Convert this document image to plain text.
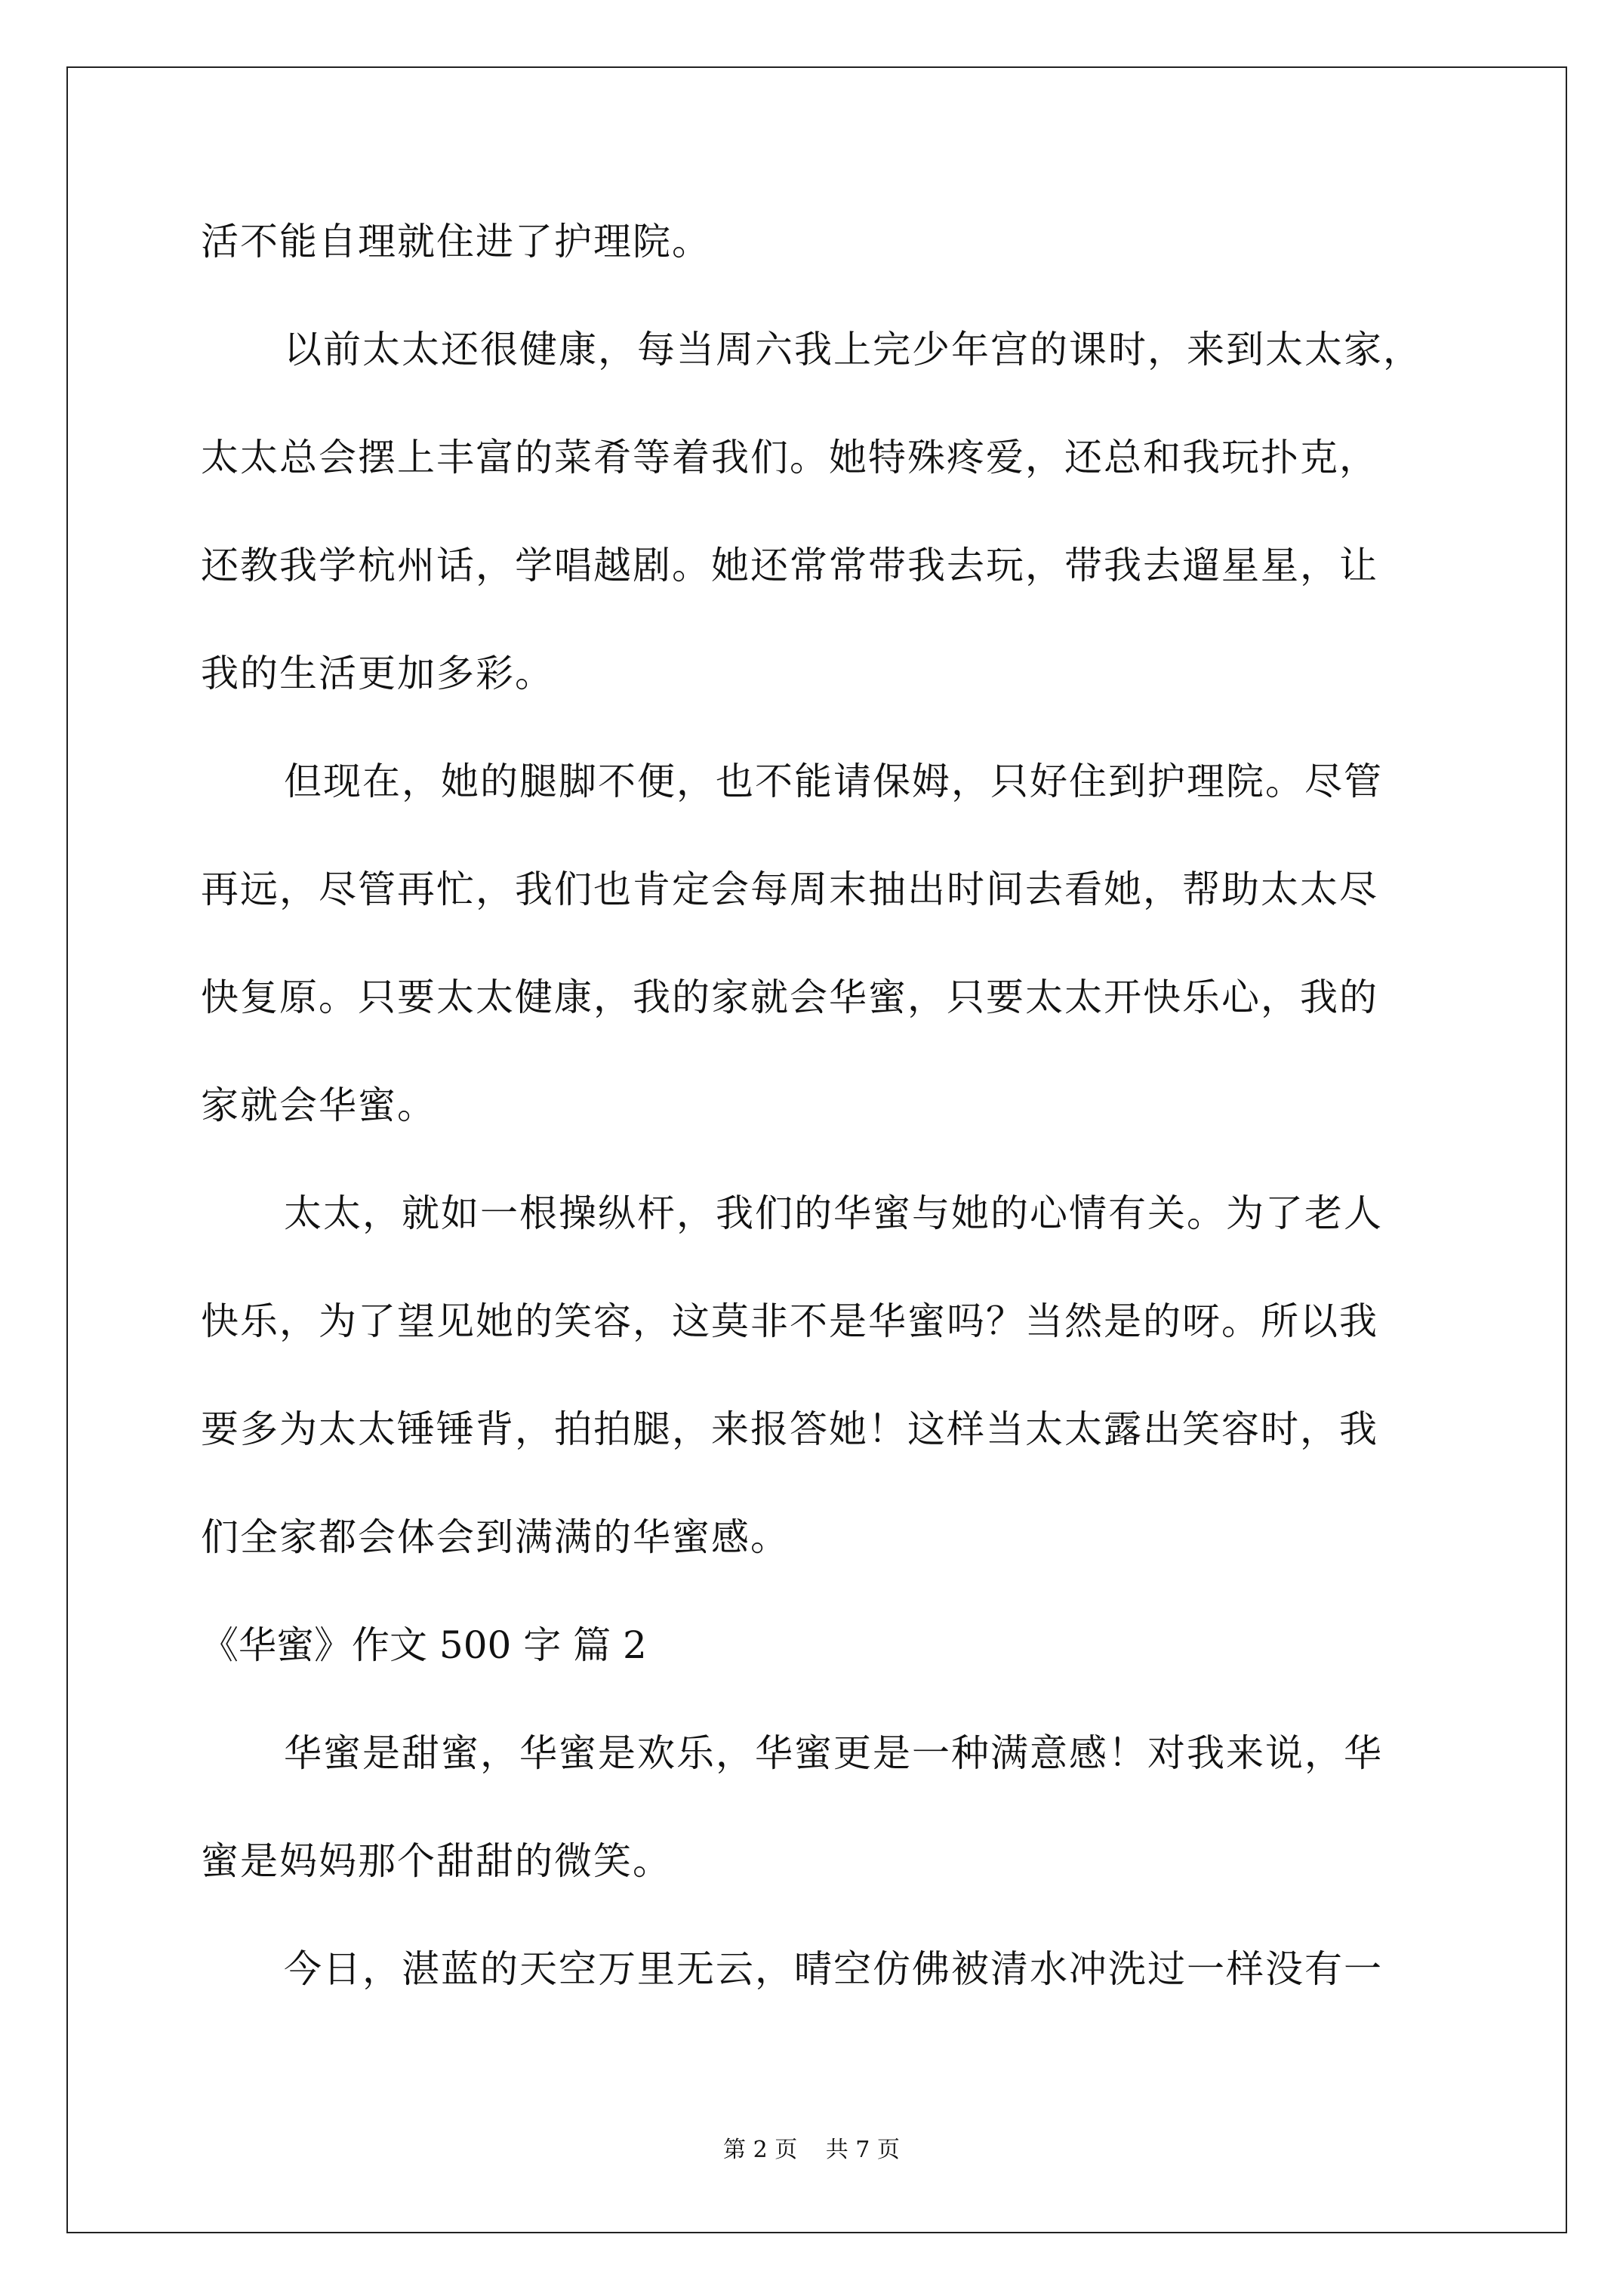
活不能自理就住进了护理院。
以前太太还很健康，每当周六我上完少年宫的课时，来到太太家，
太太总会摆上丰富的菜肴等着我们。她特殊疼爱，还总和我玩扑克，
还教我学杭州话，学唱越剧。她还常常带我去玩，带我去遛星星，让
我的生活更加多彩。
但现在，她的腿脚不便，也不能请保姆，只好住到护理院。尽管
再远，尽管再忙，我们也肯定会每周末抽出时间去看她，帮助太太尽
快复原。只要太太健康，我的家就会华蜜，只要太太开快乐心，我的
家就会华蜜。
太太，就如一根操纵杆，我们的华蜜与她的心情有关。为了老人
快乐，为了望见她的笑容，这莫非不是华蜜吗？当然是的呀。所以我
要多为太太锤锤背，拍拍腿，来报答她！这样当太太露出笑容时，我
们全家都会体会到满满的华蜜感。
《华蜜》作文 500 字 篇 2
华蜜是甜蜜，华蜜是欢乐，华蜜更是一种满意感！对我来说，华
蜜是妈妈那个甜甜的微笑。
今日，湛蓝的天空万里无云，晴空仿佛被清水冲洗过一样没有一
第 2 页 共 7 页
